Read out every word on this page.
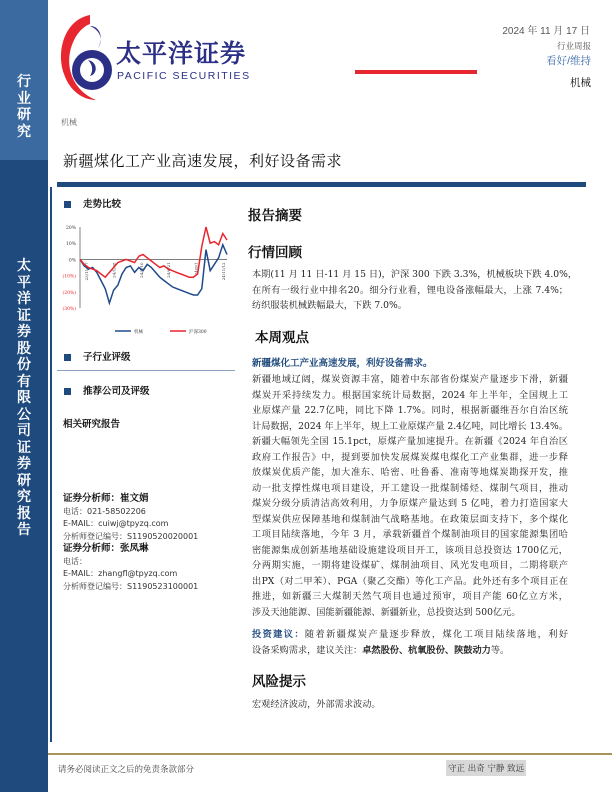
行业研究
太平洋证券股份有限公司证券研究报告
太平洋证券
PACIFIC SECURITIES
2024 年 11 月 17 日
行业周报
看好/维持
机械
机械
新疆煤化工产业高速发展，利好设备需求
走势比较
20%
10%
0%
(10%)
(20%)
(30%)
23/11/17	24/1/28	24/4/10	24/6/21	24/9/1	24/11/12
机械	沪深300
子行业评级
推荐公司及评级
相关研究报告
证券分析师：崔文娟
电话：021-58502206
E-MAIL：cuiwj@tpyzq.com
分析师登记编号：S1190520020001
证券分析师：张凤琳
电话：
E-MAIL：zhangfl@tpyzq.com
分析师登记编号：S1190523100001
报告摘要
行情回顾
本期(11 月 11 日-11 月 15 日)，沪深 300 下跌 3.3%，机械板块下跌 4.0%，
在所有一级行业中排名20。细分行业看，锂电设备涨幅最大，上涨 7.4%；
纺织服装机械跌幅最大，下跌 7.0%。
本周观点
新疆煤化工产业高速发展，利好设备需求。
新疆地域辽阔，煤炭资源丰富，随着中东部省份煤炭产量逐步下滑，新疆
煤炭开采持续发力。根据国家统计局数据，2024 年上半年，全国规上工
业原煤产量 22.7亿吨，同比下降 1.7%。同时，根据新疆维吾尔自治区统
计局数据，2024 年上半年，规上工业原煤产量 2.4亿吨，同比增长 13.4%。
新疆大幅领先全国 15.1pct，原煤产量加速提升。在新疆《2024 年自治区
政府工作报告》中，提到要加快发展煤炭煤电煤化工产业集群，进一步释
放煤炭优质产能，加大准东、哈密、吐鲁番、准南等地煤炭勘探开发，推
动一批支撑性煤电项目建设，开工建设一批煤制烯烃、煤制气项目，推动
煤炭分级分质清洁高效利用，力争原煤产量达到 5 亿吨，着力打造国家大
型煤炭供应保障基地和煤制油气战略基地。在政策层面支持下，多个煤化
工项目陆续落地，今年 3 月，承载新疆首个煤制油项目的国家能源集团哈
密能源集成创新基地基础设施建设项目开工，该项目总投资达 1700亿元，
分两期实施，一期将建设煤矿、煤制油项目、风光发电项目，二期将联产
出PX（对二甲苯）、PGA（聚乙交酯）等化工产品。此外还有多个项目正在
推进，如新疆三大煤制天然气项目也通过预审，项目产能 60亿立方米，
涉及天池能源、国能新疆能源、新疆新业，总投资达到 500亿元。
投资建议：随着新疆煤炭产量逐步释放，煤化工项目陆续落地，利好
设备采购需求，建议关注：卓然股份、杭氧股份、陕鼓动力等。
风险提示
宏观经济波动，外部需求波动。
请务必阅读正文之后的免责条款部分	守正 出奇 宁静 致远
